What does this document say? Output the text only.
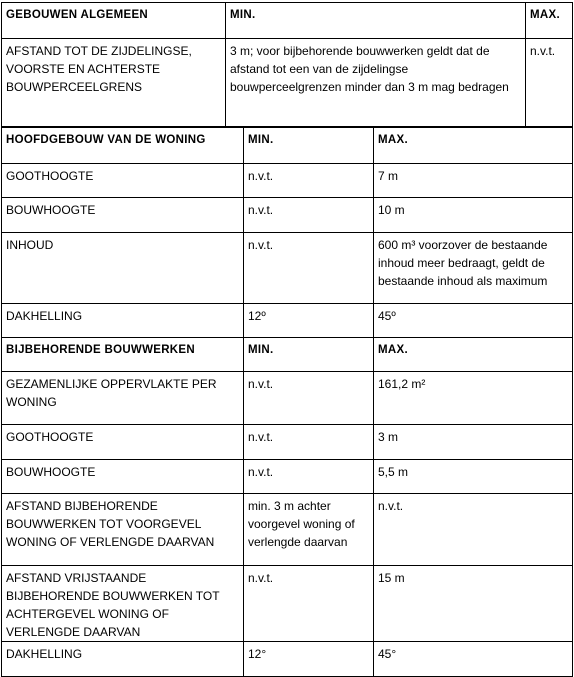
GEBOUWEN ALGEMEEN	MIN.	MAX.
AFSTAND TOT DE ZIJDELINGSE, VOORSTE EN ACHTERSTE BOUWPERCEELGRENS	3 m; voor bijbehorende bouwwerken geldt dat de afstand tot een van de zijdelingse bouwperceelgrenzen minder dan 3 m mag bedragen	n.v.t.
HOOFDGEBOUW VAN DE WONING	MIN.	MAX.
GOOTHOOGTE	n.v.t.	7 m
BOUWHOOGTE	n.v.t.	10 m
INHOUD	n.v.t.	600 m³ voorzover de bestaande inhoud meer bedraagt, geldt de bestaande inhoud als maximum
DAKHELLING	12º	45º
BIJBEHORENDE BOUWWERKEN	MIN.	MAX.
GEZAMENLIJKE OPPERVLAKTE PER WONING	n.v.t.	161,2 m²
GOOTHOOGTE	n.v.t.	3 m
BOUWHOOGTE	n.v.t.	5,5 m
AFSTAND BIJBEHORENDE BOUWWERKEN TOT VOORGEVEL WONING OF VERLENGDE DAARVAN	min. 3 m achter voorgevel woning of verlengde daarvan	n.v.t.
AFSTAND VRIJSTAANDE BIJBEHORENDE BOUWWERKEN TOT ACHTERGEVEL WONING OF VERLENGDE DAARVAN	n.v.t.	15 m
DAKHELLING	12°	45°
